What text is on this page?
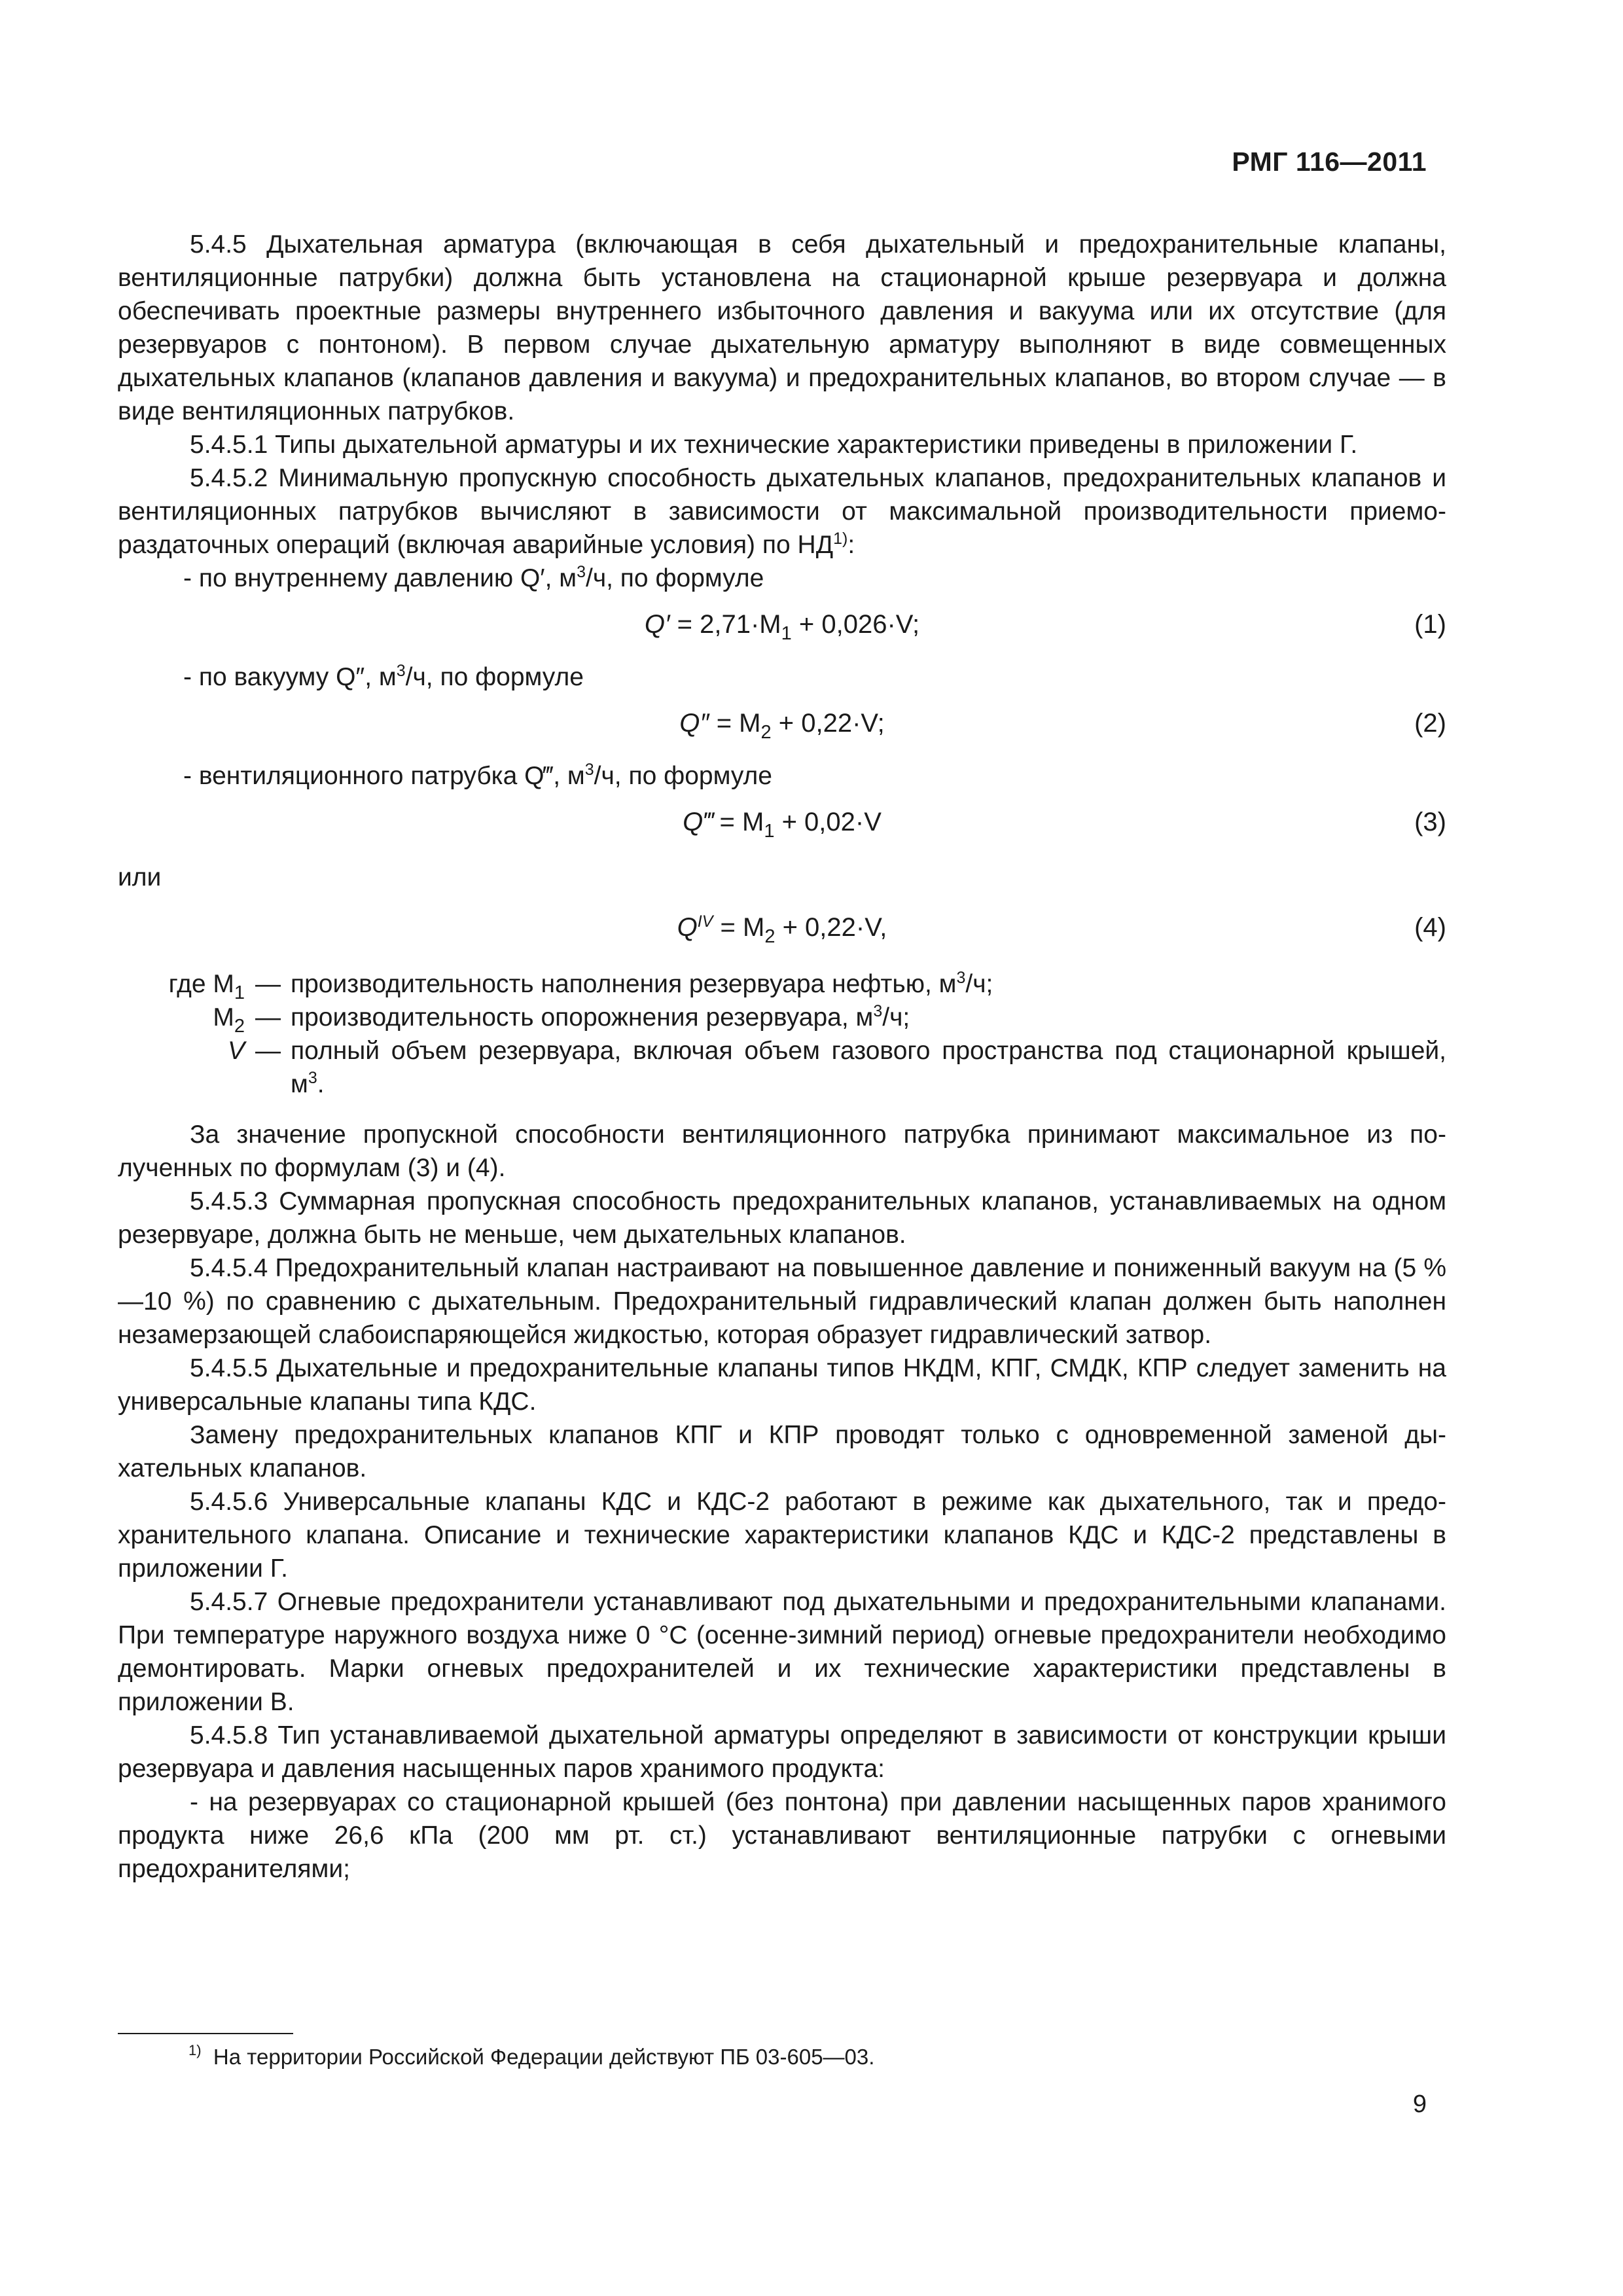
РМГ 116—2011

5.4.5 Дыхательная арматура (включающая в себя дыхательный и предохранительные клапаны, вентиляционные патрубки) должна быть установлена на стационарной крыше резервуара и должна обеспечивать проектные размеры внутреннего избыточного давления и вакуума или их отсутствие (для резервуаров с понтоном). В первом случае дыхательную арматуру выполняют в виде совмещенных дыхательных клапанов (клапанов давления и вакуума) и предохранительных клапанов, во втором случае — в виде вентиляционных патрубков.

5.4.5.1 Типы дыхательной арматуры и их технические характеристики приведены в приложении Г.

5.4.5.2 Минимальную пропускную способность дыхательных клапанов, предохранительных клапанов и вентиляционных патрубков вычисляют в зависимости от максимальной производительности приемо-раздаточных операций (включая аварийные условия) по НД$^{1)}$:

- по внутреннему давлению Q′, $м^3/ч$, по формуле

$Q' = 2,71\cdot M_1 + 0,026\cdot V$;	(1)

- по вакууму Q″, $м^3/ч$, по формуле

$Q'' = M_2 + 0,22\cdot V$;	(2)

- вентиляционного патрубка Q‴, $м^3/ч$, по формуле

Q‴ = $M_1 + 0,02\cdot V$	(3)

или

$Q^{IV} = M_2 + 0,22\cdot V$,	(4)
где $M_1$ — производительность наполнения резервуара нефтью, $м^3/ч$;
$M_2$ — производительность опорожнения резервуара, $м^3/ч$;
V — полный объем резервуара, включая объем газового пространства под стационарной крышей, $м^3$.

За значение пропускной способности вентиляционного патрубка принимают максимальное из полученных по формулам (3) и (4).

5.4.5.3 Суммарная пропускная способность предохранительных клапанов, устанавливаемых на одном резервуаре, должна быть не меньше, чем дыхательных клапанов.

5.4.5.4 Предохранительный клапан настраивают на повышенное давление и пониженный вакуум на (5 %—10 %) по сравнению с дыхательным. Предохранительный гидравлический клапан должен быть наполнен незамерзающей слабоиспаряющейся жидкостью, которая образует гидравлический затвор.

5.4.5.5 Дыхательные и предохранительные клапаны типов НКДМ, КПГ, СМДК, КПР следует заменить на универсальные клапаны типа КДС.

Замену предохранительных клапанов КПГ и КПР проводят только с одновременной заменой дыхательных клапанов.

5.4.5.6 Универсальные клапаны КДС и КДС-2 работают в режиме как дыхательного, так и предохранительного клапана. Описание и технические характеристики клапанов КДС и КДС-2 представлены в приложении Г.

5.4.5.7 Огневые предохранители устанавливают под дыхательными и предохранительными клапанами. При температуре наружного воздуха ниже 0 °С (осенне-зимний период) огневые предохранители необходимо демонтировать. Марки огневых предохранителей и их технические характеристики представлены в приложении В.

5.4.5.8 Тип устанавливаемой дыхательной арматуры определяют в зависимости от конструкции крыши резервуара и давления насыщенных паров хранимого продукта:

- на резервуарах со стационарной крышей (без понтона) при давлении насыщенных паров хранимого продукта ниже 26,6 кПа (200 мм рт. ст.) устанавливают вентиляционные патрубки с огневыми предохранителями;

$^{1)}$ На территории Российской Федерации действуют ПБ 03-605—03.
9
